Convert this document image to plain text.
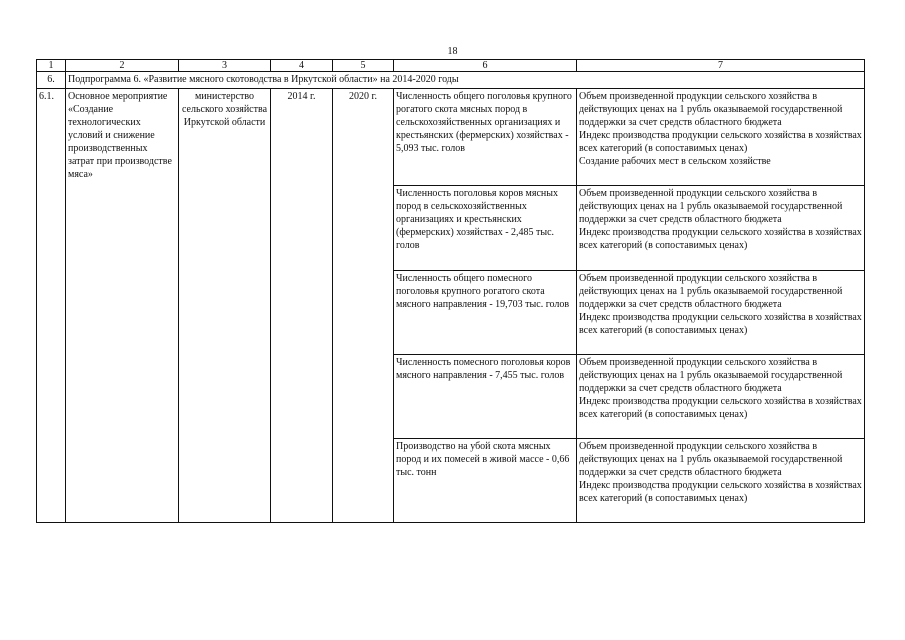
18
1	2	3	4	5	6	7
6.	Подпрограмма 6. «Развитие мясного скотоводства в Иркутской области» на 2014-2020 годы					
6.1.	Основное мероприятие «Создание технологических условий и снижение производственных затрат при производстве мяса»	министерство сельского хозяйства Иркутской области	2014 г.	2020 г.	Численность общего поголовья крупного рогатого скота мясных пород в сельскохозяйственных организациях и крестьянских (фермерских) хозяйствах - 5,093 тыс. голов	Объем произведенной продукции сельского хозяйства в действующих ценах на 1 рубль оказываемой государственной поддержки за счет средств областного бюджета

Индекс производства продукции сельского хозяйства в хозяйствах всех категорий (в сопоставимых ценах)

Создание рабочих мест в сельском хозяйстве

					Численность поголовья коров мясных пород в сельскохозяйственных организациях и крестьянских (фермерских) хозяйствах - 2,485 тыс. голов	Объем произведенной продукции сельского хозяйства в действующих ценах на 1 рубль оказываемой государственной поддержки за счет средств областного бюджета

Индекс производства продукции сельского хозяйства в хозяйствах всех категорий (в сопоставимых ценах)

					Численность общего помесного поголовья крупного рогатого скота мясного направления - 19,703 тыс. голов	Объем произведенной продукции сельского хозяйства в действующих ценах на 1 рубль оказываемой государственной поддержки за счет средств областного бюджета

Индекс производства продукции сельского хозяйства в хозяйствах всех категорий (в сопоставимых ценах)

					Численность помесного поголовья коров мясного направления - 7,455 тыс. голов	Объем произведенной продукции сельского хозяйства в действующих ценах на 1 рубль оказываемой государственной поддержки за счет средств областного бюджета

Индекс производства продукции сельского хозяйства в хозяйствах всех категорий (в сопоставимых ценах)

					Производство на убой скота мясных пород и их помесей в живой массе - 0,66 тыс. тонн	Объем произведенной продукции сельского хозяйства в действующих ценах на 1 рубль оказываемой государственной поддержки за счет средств областного бюджета

Индекс производства продукции сельского хозяйства в хозяйствах всех категорий (в сопоставимых ценах)
